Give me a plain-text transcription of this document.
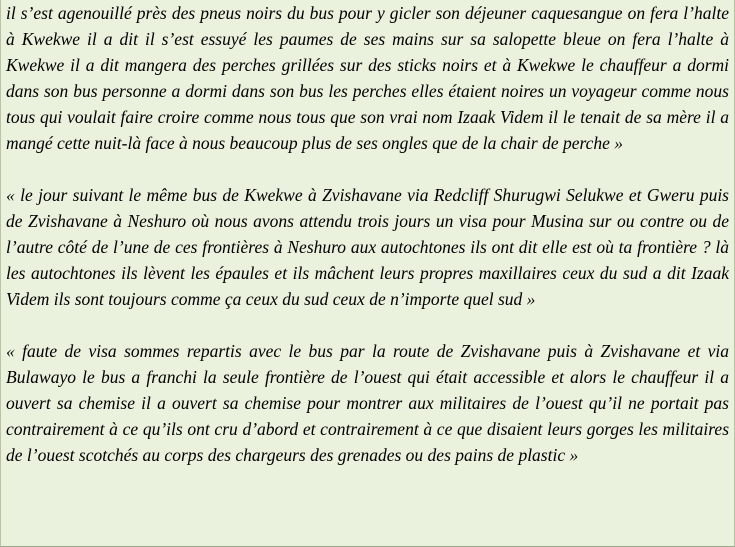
il s’est agenouillé près des pneus noirs du bus pour y gicler son déjeuner caquesangue on fera l’halte à Kwekwe il a dit il s’est essuyé les paumes de ses mains sur sa salopette bleue on fera l’halte à Kwekwe il a dit mangera des perches grillées sur des sticks noirs et à Kwekwe le chauffeur a dormi dans son bus personne a dormi dans son bus les perches elles étaient noires un voyageur comme nous tous qui voulait faire croire comme nous tous que son vrai nom Izaak Videm il le tenait de sa mère il a mangé cette nuit-là face à nous beaucoup plus de ses ongles que de la chair de perche »

« le jour suivant le même bus de Kwekwe à Zvishavane via Redcliff Shurugwi Selukwe et Gweru puis de Zvishavane à Neshuro où nous avons attendu trois jours un visa pour Musina sur ou contre ou de l’autre côté de l’une de ces frontières à Neshuro aux autochtones ils ont dit elle est où ta frontière ? là les autochtones ils lèvent les épaules et ils mâchent leurs propres maxillaires ceux du sud a dit Izaak Videm ils sont toujours comme ça ceux du sud ceux de n’importe quel sud »

« faute de visa sommes repartis avec le bus par la route de Zvishavane puis à Zvishavane et via Bulawayo le bus a franchi la seule frontière de l’ouest qui était accessible et alors le chauffeur il a ouvert sa chemise il a ouvert sa chemise pour montrer aux militaires de l’ouest qu’il ne portait pas contrairement à ce qu’ils ont cru d’abord et contrairement à ce que disaient leurs gorges les militaires de l’ouest scotchés au corps des chargeurs des grenades ou des pains de plastic »
